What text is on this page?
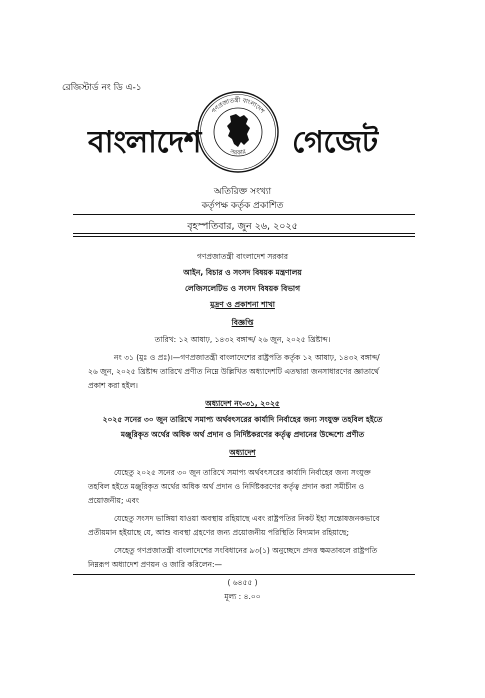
রেজিস্টার্ড নং ডি এ-১
বাংলাদেশ
গণপ্রজাতন্ত্রী বাংলাদেশ
সরকার গেজেট
অতিরিক্ত সংখ্যা
কর্তৃপক্ষ কর্তৃক প্রকাশিত
বৃহস্পতিবার, জুন ২৬, ২০২৫
গণপ্রজাতন্ত্রী বাংলাদেশ সরকার
আইন, বিচার ও সংসদ বিষয়ক মন্ত্রণালয়
লেজিসলেটিভ ও সংসদ বিষয়ক বিভাগ
মুদ্রণ ও প্রকাশনা শাখা
বিজ্ঞপ্তি
তারিখ: ১২ আষাঢ়, ১৪৩২ বঙ্গাব্দ/ ২৬ জুন, ২০২৫ খ্রিষ্টাব্দ।
নং ৩১ (মুঃ ও প্রঃ)।—গণপ্রজাতন্ত্রী বাংলাদেশের রাষ্ট্রপতি কর্তৃক ১২ আষাঢ়, ১৪৩২ বঙ্গাব্দ/
২৬ জুন, ২০২৫ খ্রিষ্টাব্দ তারিখে প্রণীত নিম্নে উল্লিখিত অধ্যাদেশটি এতদ্বারা জনসাধারণের জ্ঞাতার্থে
প্রকাশ করা হইল।
অধ্যাদেশ নং-৩১, ২০২৫
২০২৫ সনের ৩০ জুন তারিখে সমাপ্য অর্থবৎসরের কার্যাদি নির্বাহের জন্য সংযুক্ত তহবিল হইতে
মঞ্জুরিকৃত অর্থের অধিক অর্থ প্রদান ও নির্দিষ্টকরণের কর্তৃত্ব প্রদানের উদ্দেশ্যে প্রণীত
অধ্যাদেশ
যেহেতু ২০২৫ সনের ৩০ জুন তারিখে সমাপ্য অর্থবৎসরের কার্যাদি নির্বাহের জন্য সংযুক্ত
তহবিল হইতে মঞ্জুরিকৃত অর্থের অধিক অর্থ প্রদান ও নির্দিষ্টকরণের কর্তৃত্ব প্রদান করা সমীচীন ও
প্রয়োজনীয়; এবং
যেহেতু সংসদ ভাঙ্গিয়া যাওয়া অবস্থায় রহিয়াছে এবং রাষ্ট্রপতির নিকট ইহা সন্তোষজনকভাবে
প্রতীয়মান হইয়াছে যে, আশু ব্যবস্থা গ্রহণের জন্য প্রয়োজনীয় পরিস্থিতি বিদ্যমান রহিয়াছে;
সেহেতু গণপ্রজাতন্ত্রী বাংলাদেশের সংবিধানের ৯৩(১) অনুচ্ছেদে প্রদত্ত ক্ষমতাবলে রাষ্ট্রপতি
নিম্নরূপ অধ্যাদেশ প্রণয়ন ও জারি করিলেন:—
( ৬৪৫৫ )
মূল্য : ৪.০০
